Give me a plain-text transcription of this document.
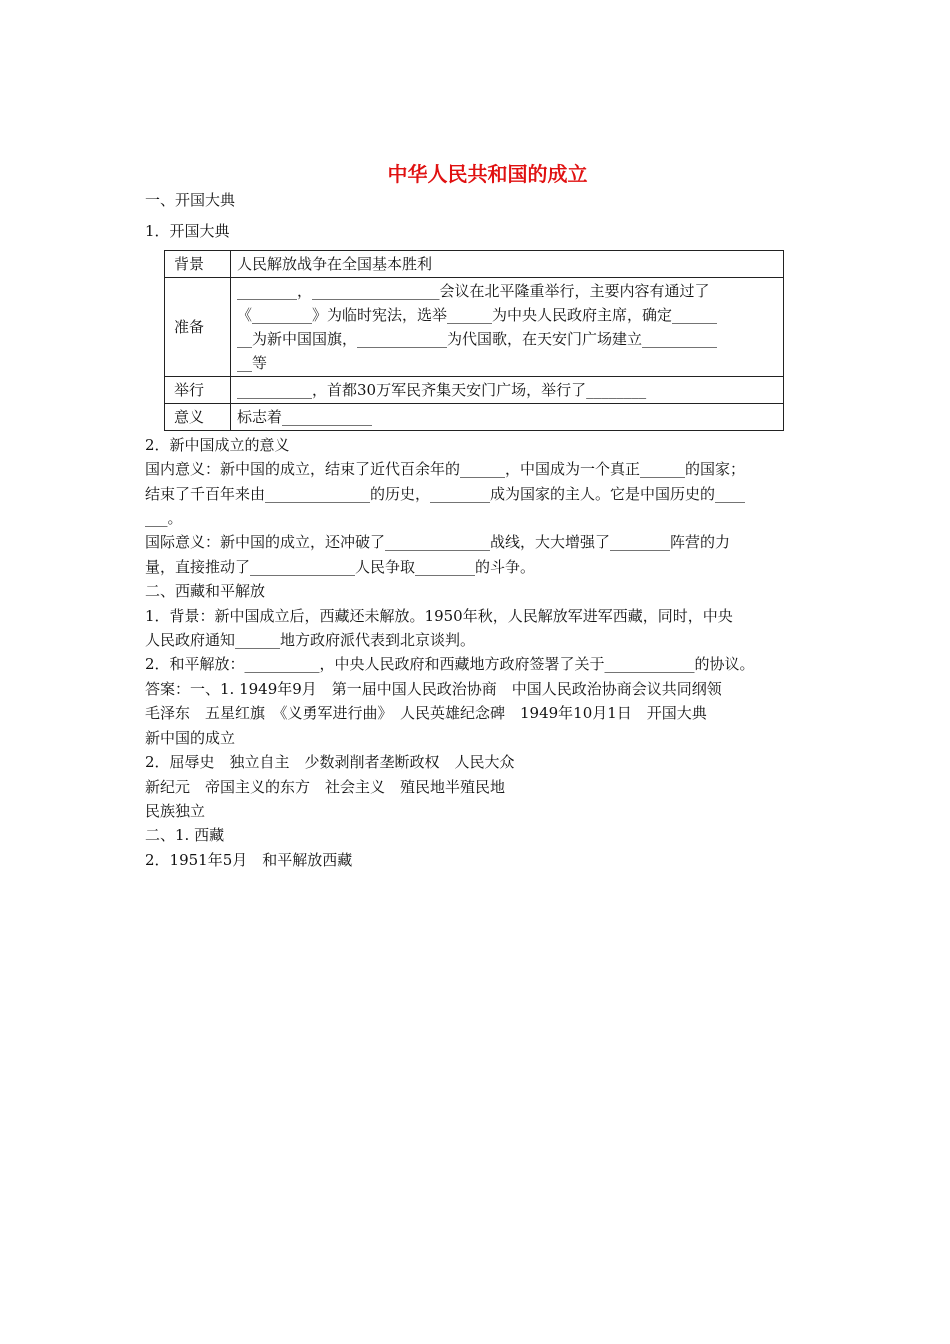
中华人民共和国的成立
一、开国大典
1．开国大典
背景	人民解放战争在全国基本胜利
准备	________，_________________会议在北平隆重举行，主要内容有通过了
《________》为临时宪法，选举______为中央人民政府主席，确定______
__为新中国国旗，____________为代国歌，在天安门广场建立__________
__等

举行	__________，首都30万军民齐集天安门广场，举行了________
意义	标志着____________
2．新中国成立的意义
国内意义：新中国的成立，结束了近代百余年的______，中国成为一个真正______的国家；
结束了千百年来由______________的历史，________成为国家的主人。它是中国历史的____
___。
国际意义：新中国的成立，还冲破了______________战线，大大增强了________阵营的力
量，直接推动了______________人民争取________的斗争。
二、西藏和平解放
1．背景：新中国成立后，西藏还未解放。1950年秋，人民解放军进军西藏，同时，中央
人民政府通知______地方政府派代表到北京谈判。
2．和平解放：__________，中央人民政府和西藏地方政府签署了关于____________的协议。
答案：一、1. 1949年9月　第一届中国人民政治协商　中国人民政治协商会议共同纲领
毛泽东　五星红旗　《义勇军进行曲》　人民英雄纪念碑　1949年10月1日　开国大典
新中国的成立
2．屈辱史　独立自主　少数剥削者垄断政权　人民大众
新纪元　帝国主义的东方　社会主义　殖民地半殖民地
民族独立
二、1. 西藏
2．1951年5月　和平解放西藏
